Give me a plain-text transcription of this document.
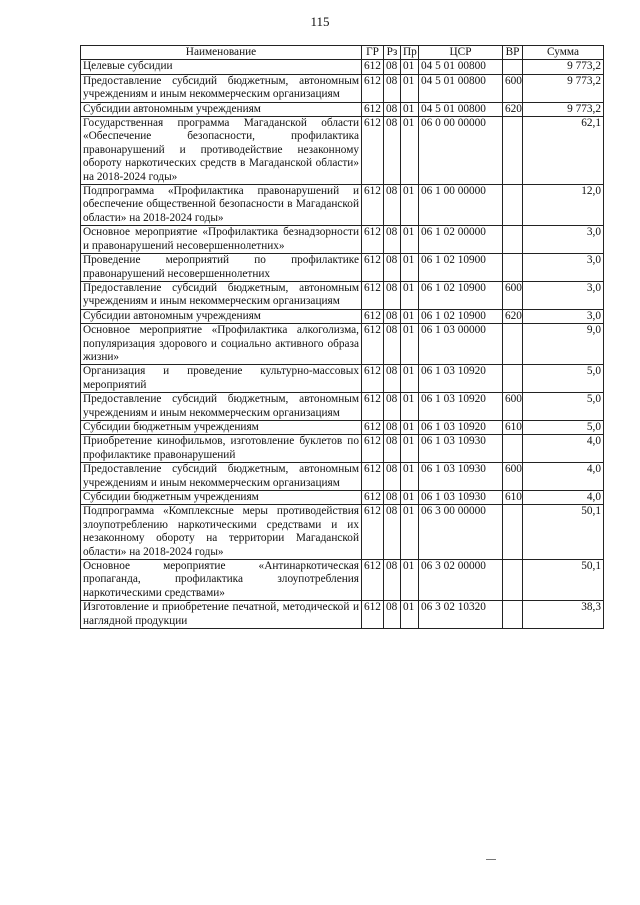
115
Наименование	ГР	Рз	Пр	ЦСР	ВР	Сумма
Целевые субсидии	612	08	01	04 5 01 00800		9 773,2
Предоставление субсидий бюджетным, автономным учреждениям и иным некоммерческим организациям	612	08	01	04 5 01 00800	600	9 773,2
Субсидии автономным учреждениям	612	08	01	04 5 01 00800	620	9 773,2
Государственная программа Магаданской области «Обеспечение безопасности, профилактика правонарушений и противодействие незаконному обороту наркотических средств в Магаданской области» на 2018-2024 годы»	612	08	01	06 0 00 00000		62,1
Подпрограмма «Профилактика правонарушений и обеспечение общественной безопасности в Магаданской области» на 2018-2024 годы»	612	08	01	06 1 00 00000		12,0
Основное мероприятие «Профилактика безнадзорности и правонарушений несовершеннолетних»	612	08	01	06 1 02 00000		3,0
Проведение мероприятий по профилактике правонарушений несовершеннолетних	612	08	01	06 1 02 10900		3,0
Предоставление субсидий бюджетным, автономным учреждениям и иным некоммерческим организациям	612	08	01	06 1 02 10900	600	3,0
Субсидии автономным учреждениям	612	08	01	06 1 02 10900	620	3,0
Основное мероприятие «Профилактика алкоголизма, популяризация здорового и социально активного образа жизни»	612	08	01	06 1 03 00000		9,0
Организация и проведение культурно-массовых мероприятий	612	08	01	06 1 03 10920		5,0
Предоставление субсидий бюджетным, автономным учреждениям и иным некоммерческим организациям	612	08	01	06 1 03 10920	600	5,0
Субсидии бюджетным учреждениям	612	08	01	06 1 03 10920	610	5,0
Приобретение кинофильмов, изготовление буклетов по профилактике правонарушений	612	08	01	06 1 03 10930		4,0
Предоставление субсидий бюджетным, автономным учреждениям и иным некоммерческим организациям	612	08	01	06 1 03 10930	600	4,0
Субсидии бюджетным учреждениям	612	08	01	06 1 03 10930	610	4,0
Подпрограмма «Комплексные меры противодействия злоупотреблению наркотическими средствами и их незаконному обороту на территории Магаданской области» на 2018-2024 годы»	612	08	01	06 3 00 00000		50,1
Основное мероприятие «Антинаркотическая пропаганда, профилактика злоупотребления наркотическими средствами»	612	08	01	06 3 02 00000		50,1
Изготовление и приобретение печатной, методической и наглядной продукции	612	08	01	06 3 02 10320		38,3
